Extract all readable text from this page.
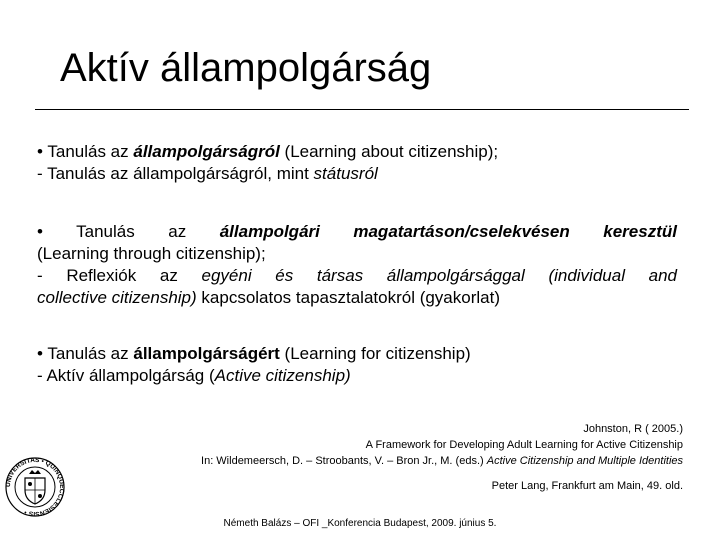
Aktív állampolgárság

• Tanulás az állampolgárságról (Learning about citizenship);

- Tanulás az állampolgárságról, mint státusról

• Tanulás az állampolgári magatartáson/cselekvésen keresztül

(Learning through citizenship);

- Reflexiók az egyéni és társas állampolgársággal (individual and

collective citizenship) kapcsolatos tapasztalatokról (gyakorlat)

• Tanulás az állampolgárságért (Learning for citizenship)

- Aktív állampolgárság (Active citizenship)

Johnston, R ( 2005.)

A Framework for Developing Adult Learning for Active Citizenship

In: Wildemeersch, D. – Stroobants, V. – Bron Jr., M. (eds.) Active Citizenship and Multiple Identities

Peter Lang, Frankfurt am Main, 49. old.

UNIVERSITAS • QUINQUECCLESIENSIS •
Németh Balázs – OFI _Konferencia Budapest, 2009. június 5.
